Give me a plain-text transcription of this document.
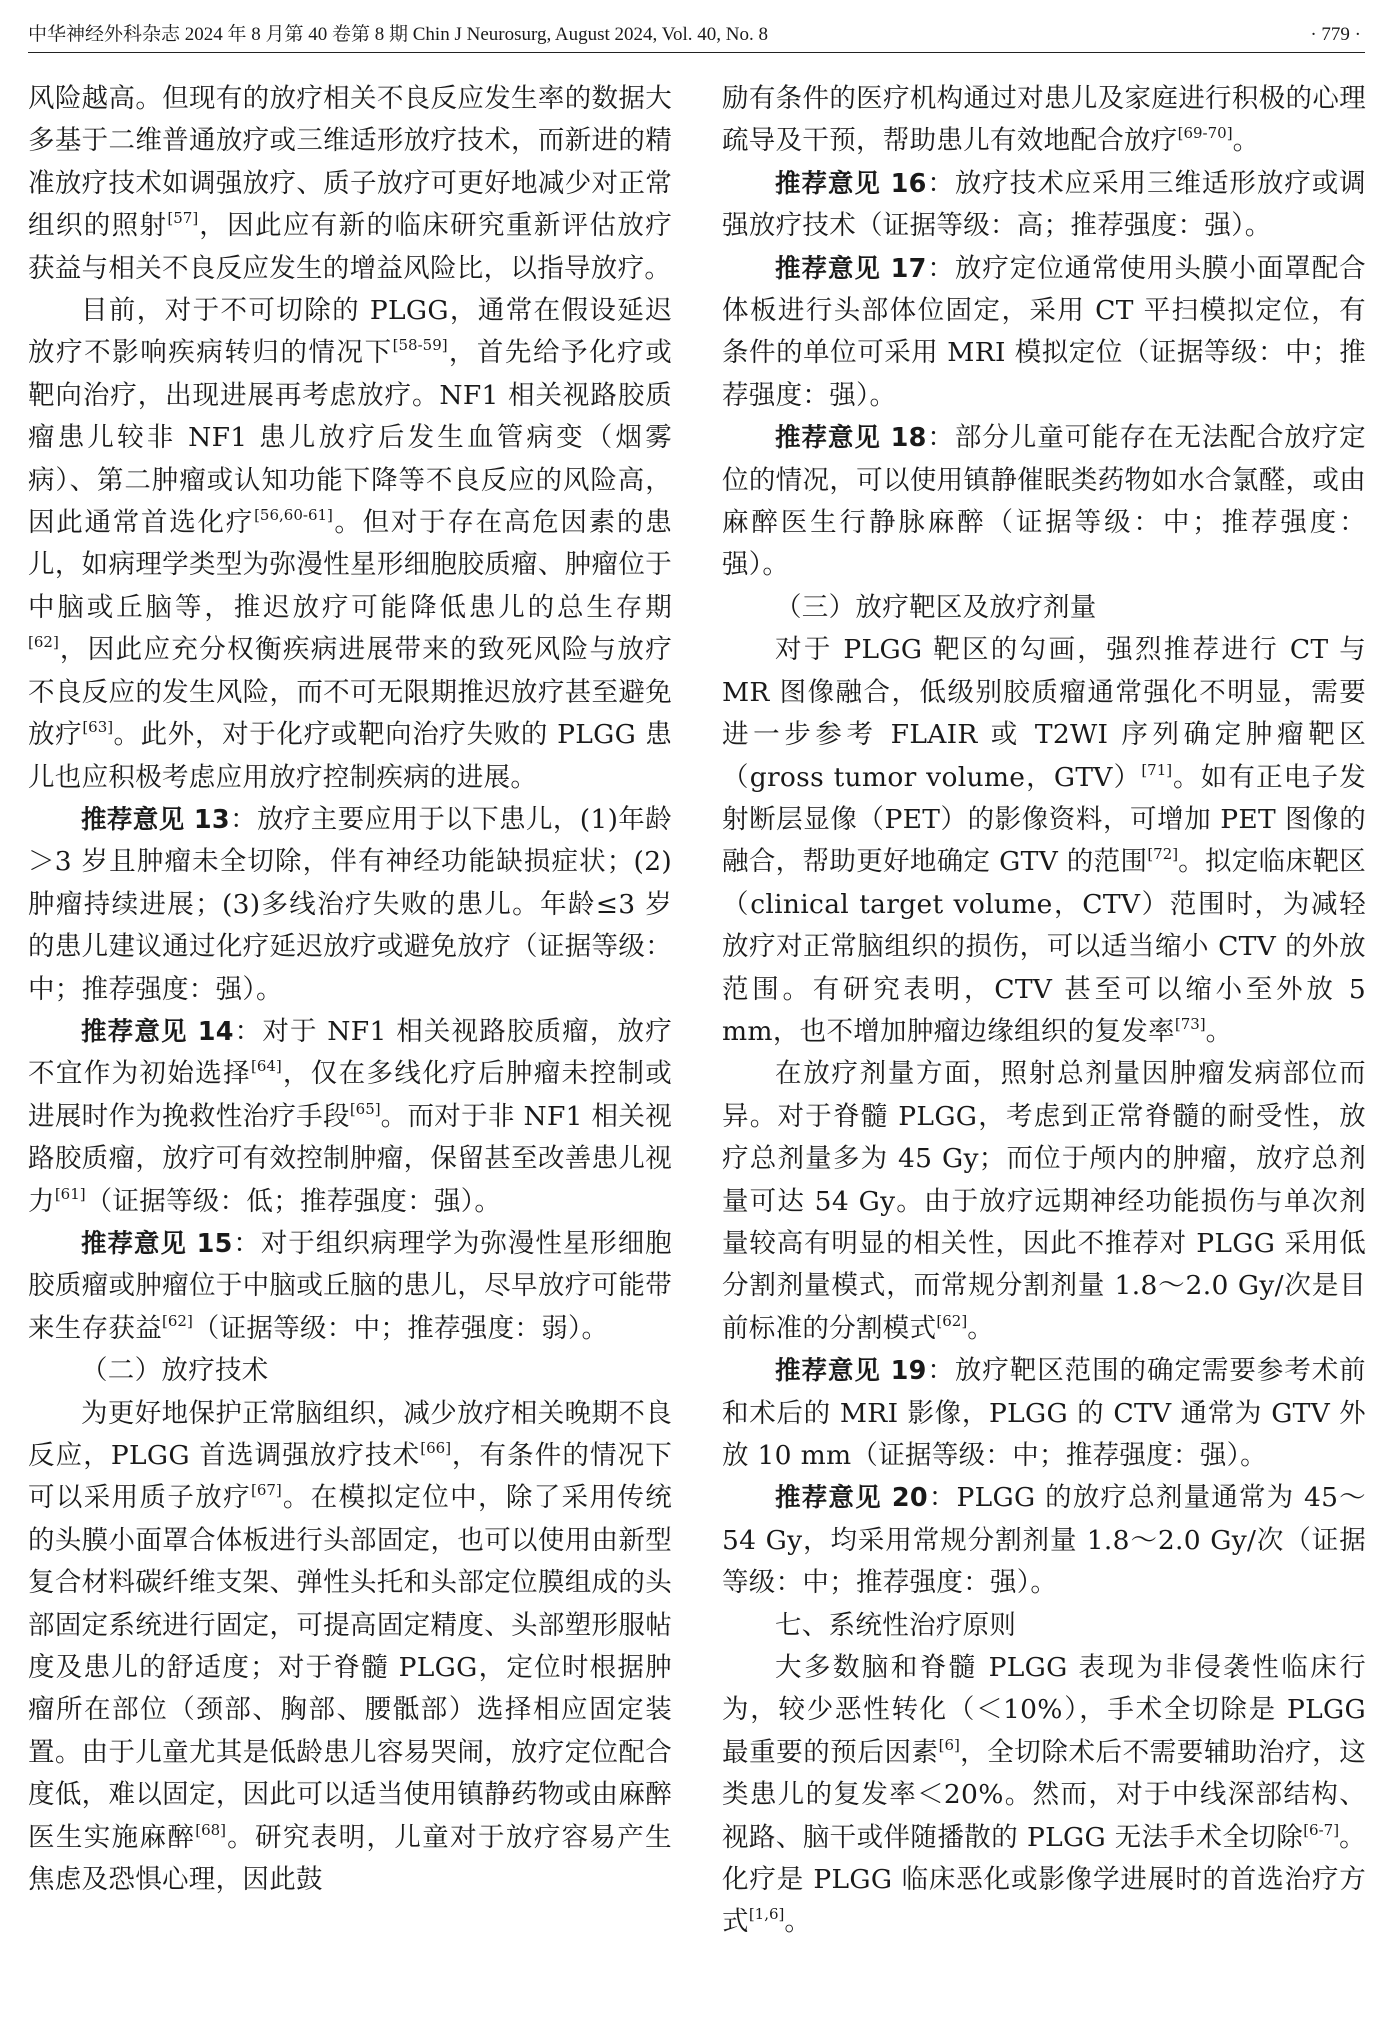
中华神经外科杂志 2024 年 8 月第 40 卷第 8 期 Chin J Neurosurg, August 2024, Vol. 40, No. 8	· 779 ·

风险越高。但现有的放疗相关不良反应发生率的数据大多基于二维普通放疗或三维适形放疗技术，而新进的精准放疗技术如调强放疗、质子放疗可更好地减少对正常组织的照射[57]，因此应有新的临床研究重新评估放疗获益与相关不良反应发生的增益风险比，以指导放疗。

目前，对于不可切除的 PLGG，通常在假设延迟放疗不影响疾病转归的情况下[58-59]，首先给予化疗或靶向治疗，出现进展再考虑放疗。NF1 相关视路胶质瘤患儿较非 NF1 患儿放疗后发生血管病变（烟雾病）、第二肿瘤或认知功能下降等不良反应的风险高，因此通常首选化疗[56,60-61]。但对于存在高危因素的患儿，如病理学类型为弥漫性星形细胞胶质瘤、肿瘤位于中脑或丘脑等，推迟放疗可能降低患儿的总生存期[62]，因此应充分权衡疾病进展带来的致死风险与放疗不良反应的发生风险，而不可无限期推迟放疗甚至避免放疗[63]。此外，对于化疗或靶向治疗失败的 PLGG 患儿也应积极考虑应用放疗控制疾病的进展。

推荐意见 13：放疗主要应用于以下患儿，(1)年龄＞3 岁且肿瘤未全切除，伴有神经功能缺损症状；(2)肿瘤持续进展；(3)多线治疗失败的患儿。年龄≤3 岁的患儿建议通过化疗延迟放疗或避免放疗（证据等级：中；推荐强度：强）。

推荐意见 14：对于 NF1 相关视路胶质瘤，放疗不宜作为初始选择[64]，仅在多线化疗后肿瘤未控制或进展时作为挽救性治疗手段[65]。而对于非 NF1 相关视路胶质瘤，放疗可有效控制肿瘤，保留甚至改善患儿视力[61]（证据等级：低；推荐强度：强）。

推荐意见 15：对于组织病理学为弥漫性星形细胞胶质瘤或肿瘤位于中脑或丘脑的患儿，尽早放疗可能带来生存获益[62]（证据等级：中；推荐强度：弱）。

（二）放疗技术

为更好地保护正常脑组织，减少放疗相关晚期不良反应，PLGG 首选调强放疗技术[66]，有条件的情况下可以采用质子放疗[67]。在模拟定位中，除了采用传统的头膜小面罩合体板进行头部固定，也可以使用由新型复合材料碳纤维支架、弹性头托和头部定位膜组成的头部固定系统进行固定，可提高固定精度、头部塑形服帖度及患儿的舒适度；对于脊髓 PLGG，定位时根据肿瘤所在部位（颈部、胸部、腰骶部）选择相应固定装置。由于儿童尤其是低龄患儿容易哭闹，放疗定位配合度低，难以固定，因此可以适当使用镇静药物或由麻醉医生实施麻醉[68]。研究表明，儿童对于放疗容易产生焦虑及恐惧心理，因此鼓

励有条件的医疗机构通过对患儿及家庭进行积极的心理疏导及干预，帮助患儿有效地配合放疗[69-70]。

推荐意见 16：放疗技术应采用三维适形放疗或调强放疗技术（证据等级：高；推荐强度：强）。

推荐意见 17：放疗定位通常使用头膜小面罩配合体板进行头部体位固定，采用 CT 平扫模拟定位，有条件的单位可采用 MRI 模拟定位（证据等级：中；推荐强度：强）。

推荐意见 18：部分儿童可能存在无法配合放疗定位的情况，可以使用镇静催眠类药物如水合氯醛，或由麻醉医生行静脉麻醉（证据等级：中；推荐强度：强）。

（三）放疗靶区及放疗剂量

对于 PLGG 靶区的勾画，强烈推荐进行 CT 与 MR 图像融合，低级别胶质瘤通常强化不明显，需要进一步参考 FLAIR 或 T2WI 序列确定肿瘤靶区（gross tumor volume，GTV）[71]。如有正电子发射断层显像（PET）的影像资料，可增加 PET 图像的融合，帮助更好地确定 GTV 的范围[72]。拟定临床靶区（clinical target volume，CTV）范围时，为减轻放疗对正常脑组织的损伤，可以适当缩小 CTV 的外放范围。有研究表明，CTV 甚至可以缩小至外放 5 mm，也不增加肿瘤边缘组织的复发率[73]。

在放疗剂量方面，照射总剂量因肿瘤发病部位而异。对于脊髓 PLGG，考虑到正常脊髓的耐受性，放疗总剂量多为 45 Gy；而位于颅内的肿瘤，放疗总剂量可达 54 Gy。由于放疗远期神经功能损伤与单次剂量较高有明显的相关性，因此不推荐对 PLGG 采用低分割剂量模式，而常规分割剂量 1.8～2.0 Gy/次是目前标准的分割模式[62]。

推荐意见 19：放疗靶区范围的确定需要参考术前和术后的 MRI 影像，PLGG 的 CTV 通常为 GTV 外放 10 mm（证据等级：中；推荐强度：强）。

推荐意见 20：PLGG 的放疗总剂量通常为 45～54 Gy，均采用常规分割剂量 1.8～2.0 Gy/次（证据等级：中；推荐强度：强）。

七、系统性治疗原则

大多数脑和脊髓 PLGG 表现为非侵袭性临床行为，较少恶性转化（＜10%），手术全切除是 PLGG 最重要的预后因素[6]，全切除术后不需要辅助治疗，这类患儿的复发率＜20%。然而，对于中线深部结构、视路、脑干或伴随播散的 PLGG 无法手术全切除[6-7]。化疗是 PLGG 临床恶化或影像学进展时的首选治疗方式[1,6]。
